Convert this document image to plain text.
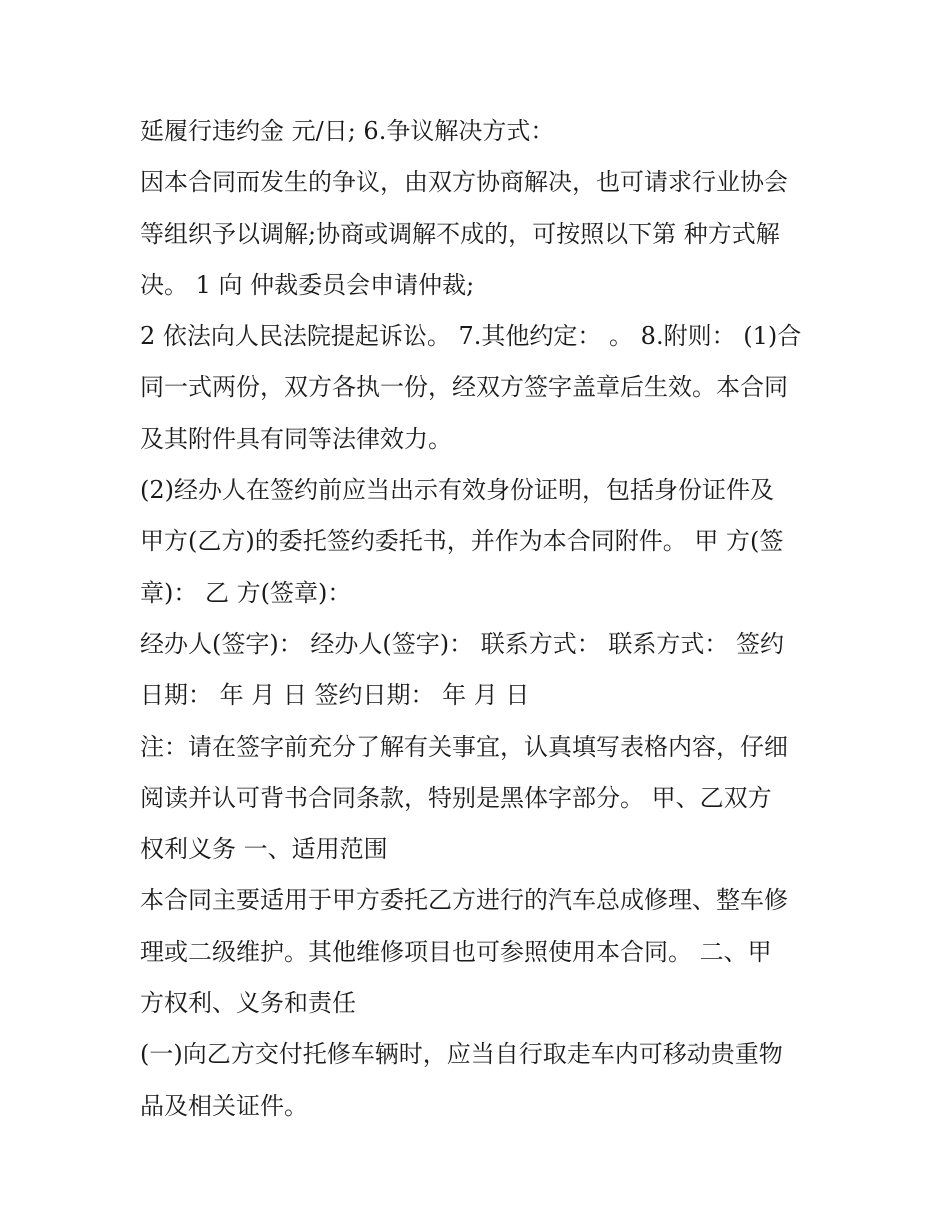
延履行违约金 元/日; 6.争议解决方式：
因本合同而发生的争议，由双方协商解决，也可请求行业协会
等组织予以调解;协商或调解不成的，可按照以下第 种方式解
决。 1 向 仲裁委员会申请仲裁;
2 依法向人民法院提起诉讼。 7.其他约定： 。 8.附则： (1)合
同一式两份，双方各执一份，经双方签字盖章后生效。本合同
及其附件具有同等法律效力。
(2)经办人在签约前应当出示有效身份证明，包括身份证件及
甲方(乙方)的委托签约委托书，并作为本合同附件。 甲 方(签
章)： 乙 方(签章)：
经办人(签字)： 经办人(签字)： 联系方式： 联系方式： 签约
日期： 年 月 日 签约日期： 年 月 日
注：请在签字前充分了解有关事宜，认真填写表格内容，仔细
阅读并认可背书合同条款，特别是黑体字部分。 甲、乙双方
权利义务 一、适用范围
本合同主要适用于甲方委托乙方进行的汽车总成修理、整车修
理或二级维护。其他维修项目也可参照使用本合同。 二、甲
方权利、义务和责任
(一)向乙方交付托修车辆时，应当自行取走车内可移动贵重物
品及相关证件。
